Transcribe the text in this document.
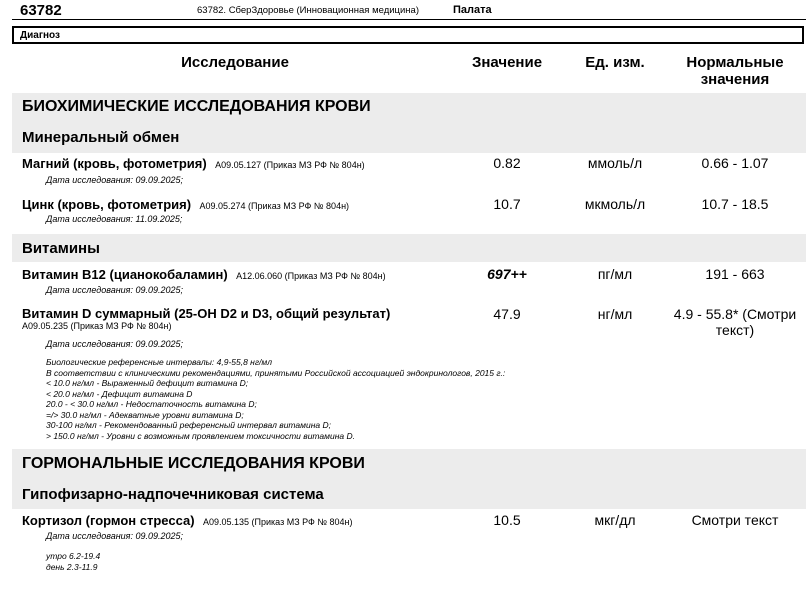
63782	63782. СберЗдоровье (Инновационная медицина)	Палата
Диагноз
Исследование	Значение	Ед. изм.	Нормальные
значения
БИОХИМИЧЕСКИЕ ИССЛЕДОВАНИЯ КРОВИ
Минеральный обмен
Магний (кровь, фотометрия) A09.05.127 (Приказ МЗ РФ № 804н)
Дата исследования: 09.09.2025;
0.82	ммоль/л	0.66 - 1.07
Цинк (кровь, фотометрия) A09.05.274 (Приказ МЗ РФ № 804н)
Дата исследования: 11.09.2025;
10.7	мкмоль/л	10.7 - 18.5
Витамины
Витамин B12 (цианокобаламин) A12.06.060 (Приказ МЗ РФ № 804н)
Дата исследования: 09.09.2025;
697++	пг/мл	191 - 663
Витамин D суммарный (25-OH D2 и D3, общий результат)
A09.05.235 (Приказ МЗ РФ № 804н)
Дата исследования: 09.09.2025;
47.9	нг/мл	4.9 - 55.8* (Смотри
текст)
Биологические референсные интервалы: 4,9-55,8 нг/мл
В соответствии с клиническими рекомендациями, принятыми Российской ассоциацией эндокринологов, 2015 г.:
< 10.0 нг/мл - Выраженный дефицит витамина D;
< 20.0 нг/мл - Дефицит витамина D
20.0 - < 30.0 нг/мл - Недостаточность витамина D;
=/> 30.0 нг/мл - Адекватные уровни витамина D;
30-100 нг/мл - Рекомендованный референсный интервал витамина D;
> 150.0 нг/мл - Уровни с возможным проявлением токсичности витамина D.
ГОРМОНАЛЬНЫЕ ИССЛЕДОВАНИЯ КРОВИ
Гипофизарно-надпочечниковая система
Кортизол (гормон стресса) A09.05.135 (Приказ МЗ РФ № 804н)
Дата исследования: 09.09.2025;
10.5	мкг/дл	Смотри текст
утро 6.2-19.4
день 2.3-11.9
